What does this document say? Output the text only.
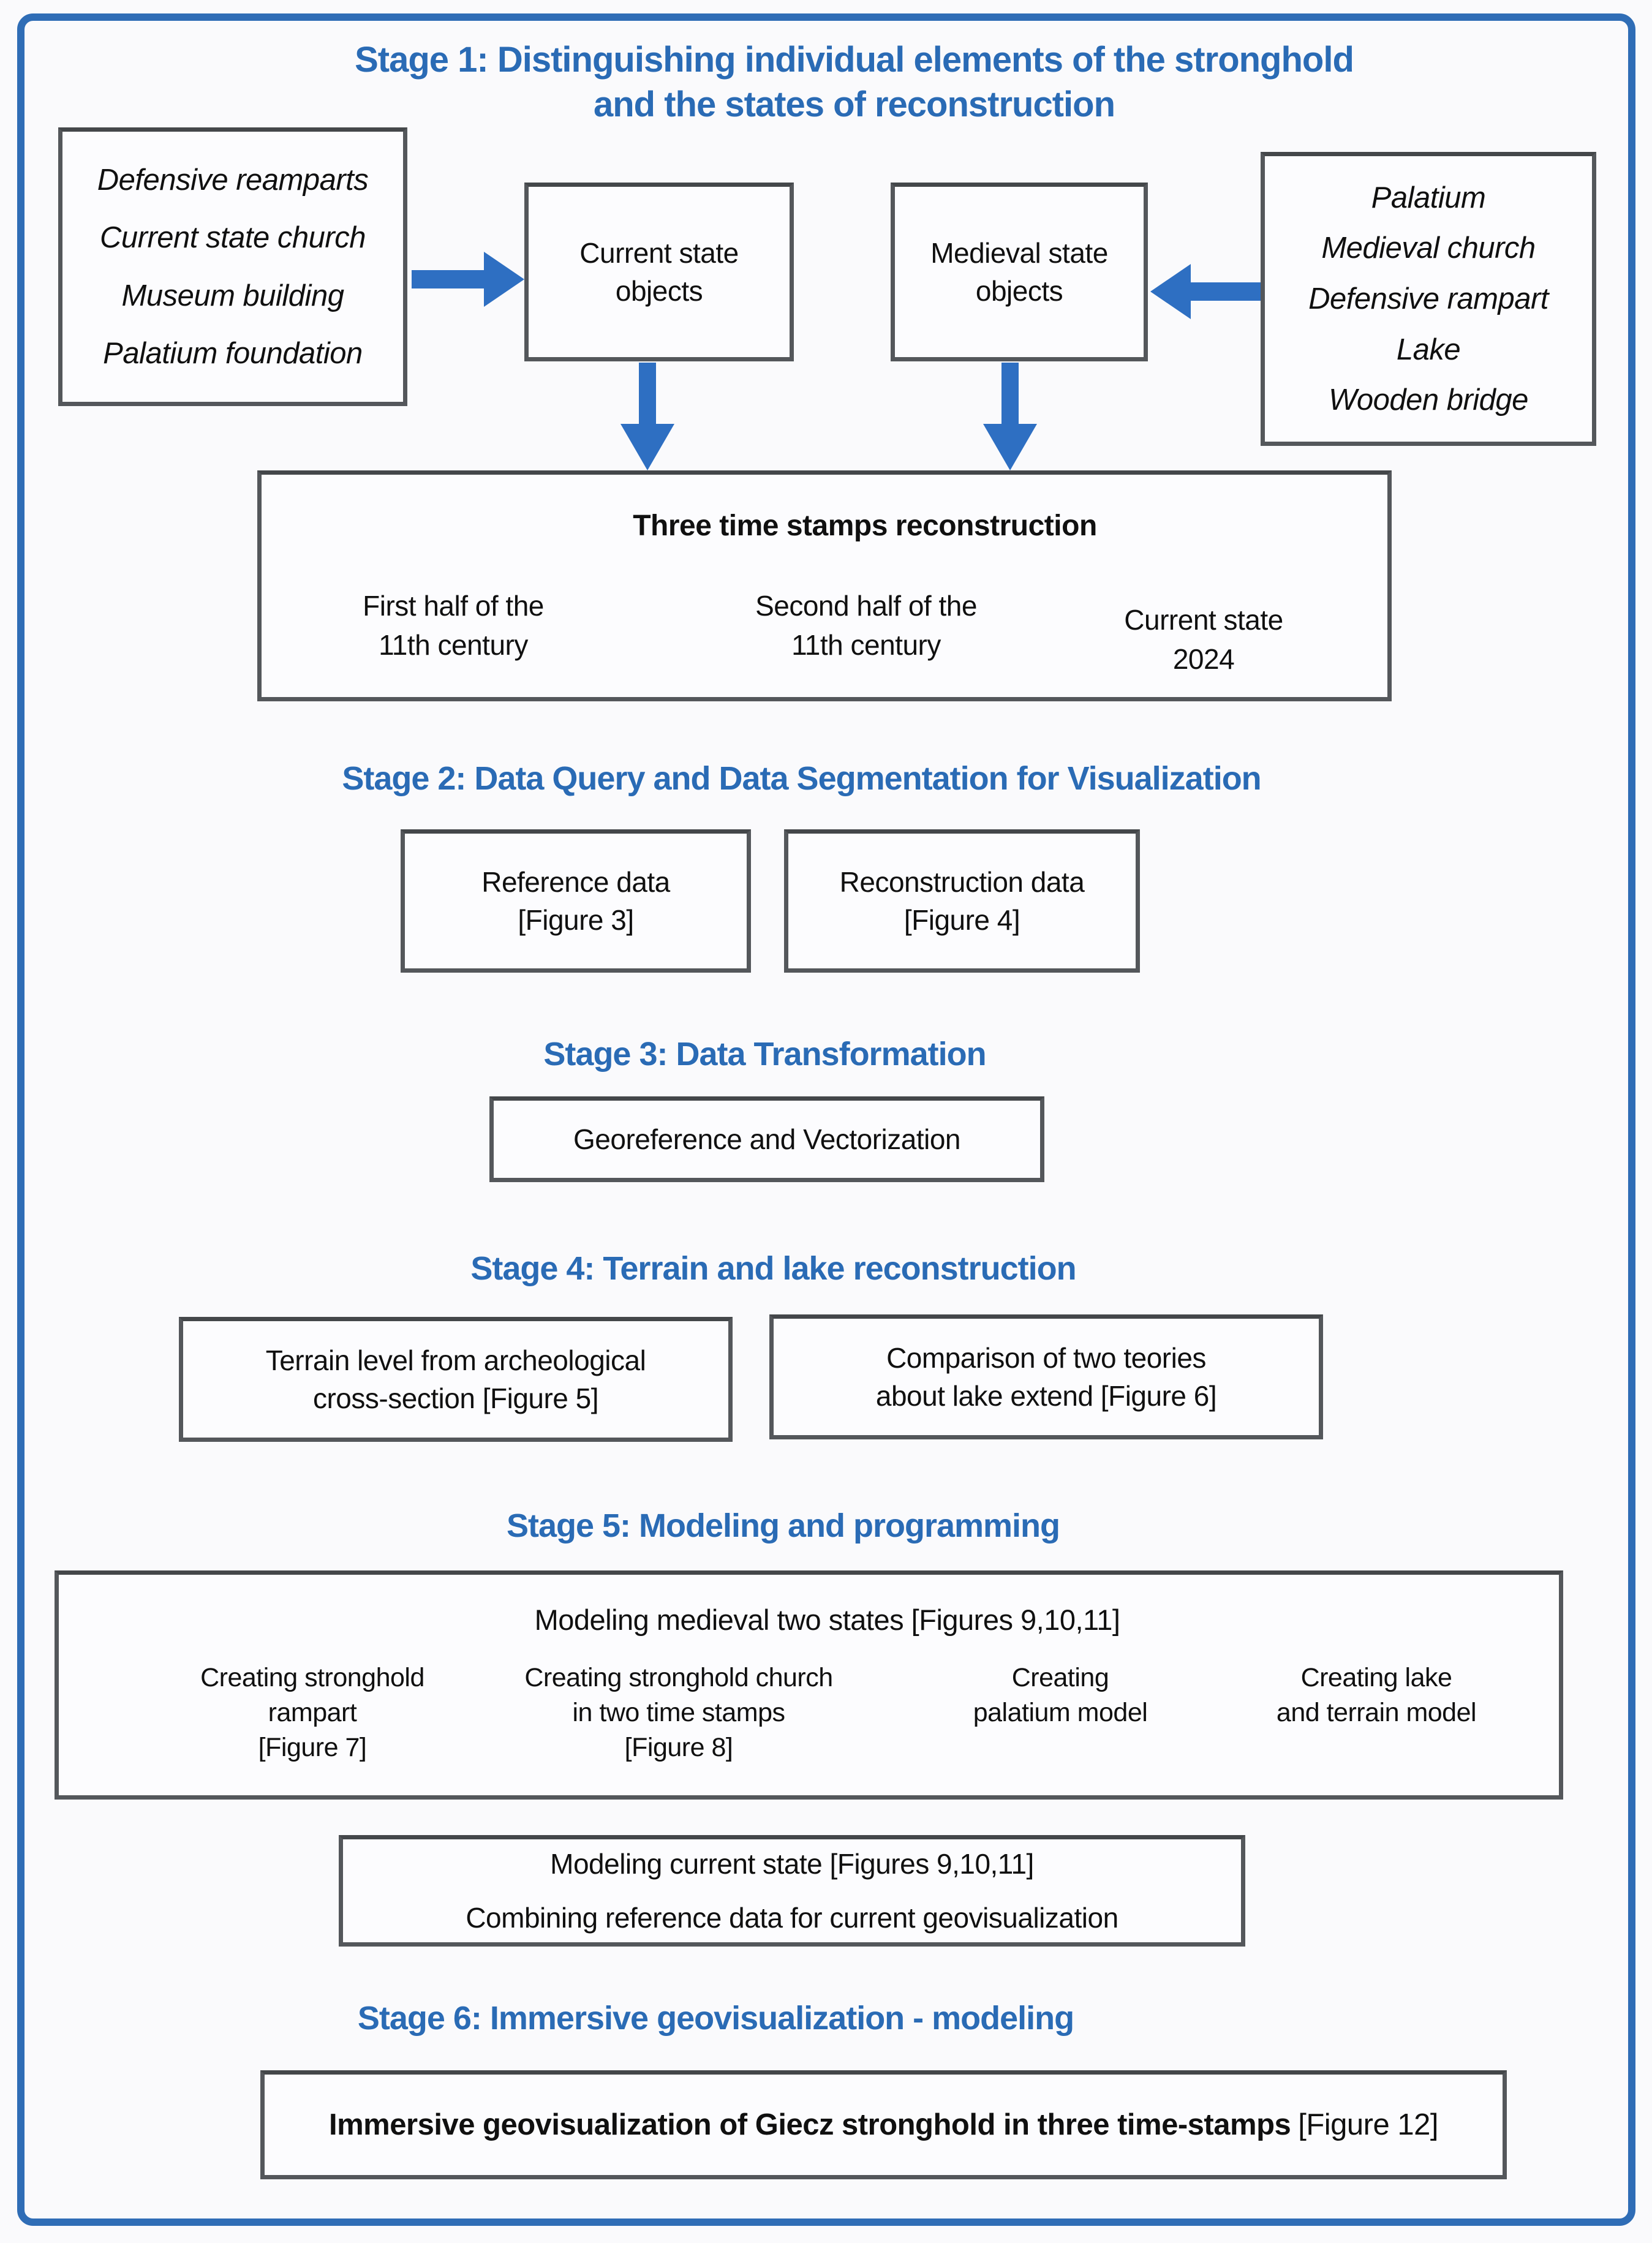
Stage 1: Distinguishing individual elements of the stronghold
and the states of reconstruction
Defensive reamparts
Current state church
Museum building
Palatium foundation
Palatium
Medieval church
Defensive rampart
Lake
Wooden bridge
Current state
objects
Medieval state
objects
Three time stamps reconstruction
First half of the
11th century
Second half of the
11th century
Current state
2024
Stage 2: Data Query and Data Segmentation for Visualization
Reference data
[Figure 3]
Reconstruction data
[Figure 4]
Stage 3: Data Transformation
Georeference and Vectorization
Stage 4: Terrain and lake reconstruction
Terrain level from archeological
cross-section [Figure 5]
Comparison of two teories
about lake extend [Figure 6]
Stage 5: Modeling and programming
Modeling medieval two states [Figures 9,10,11]
Creating stronghold
rampart
[Figure 7]
Creating stronghold church
in two time stamps
[Figure 8]
Creating
palatium model
Creating lake
and terrain model
Modeling current state [Figures 9,10,11]
Combining reference data for current geovisualization
Stage 6: Immersive geovisualization - modeling
Immersive geovisualization of Giecz stronghold in three time-stamps [Figure 12]
